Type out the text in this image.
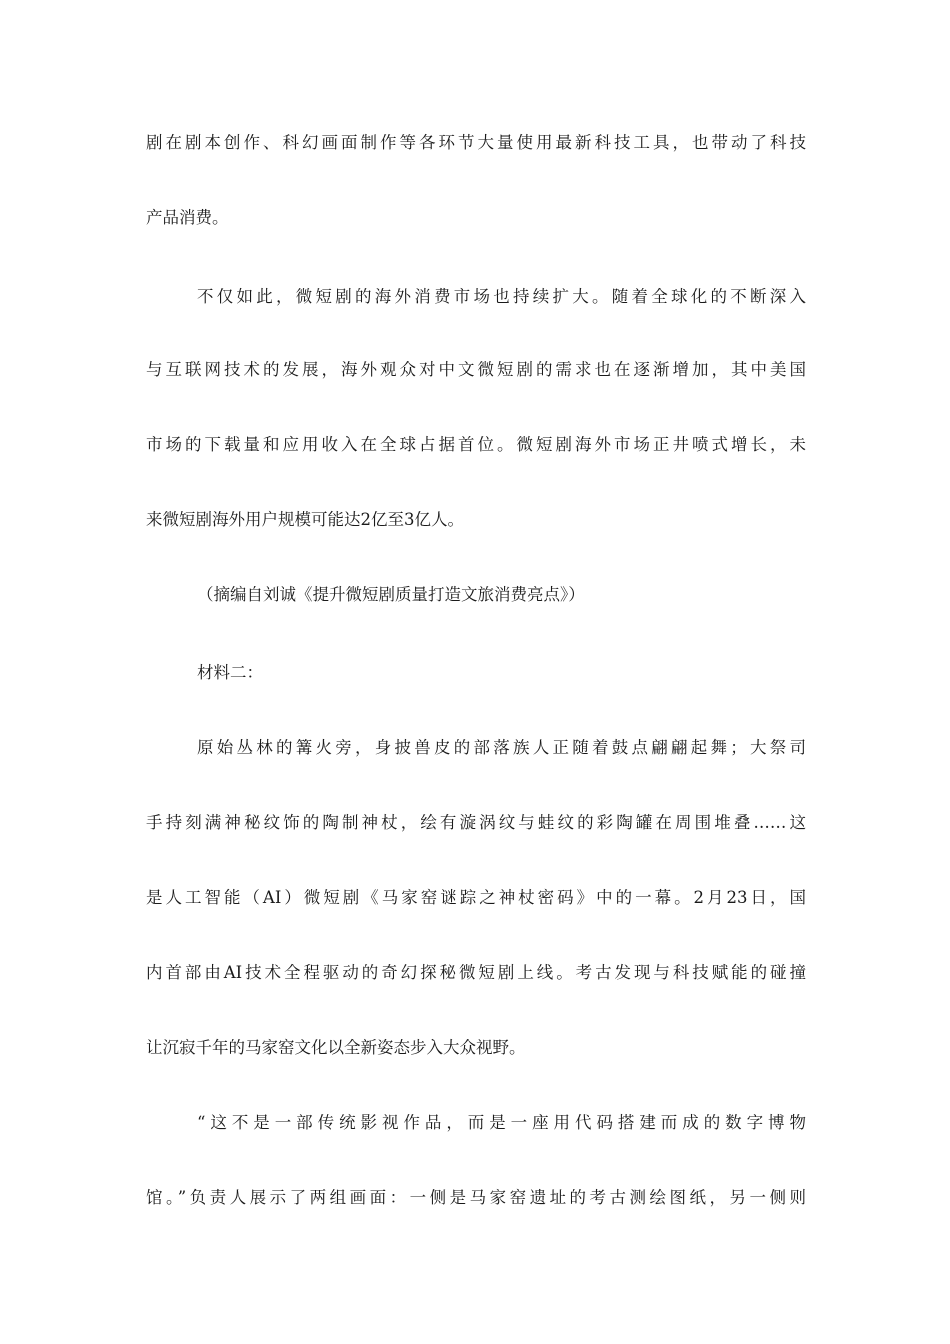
剧在剧本创作、科幻画面制作等各环节大量使用最新科技工具，也带动了科技
产品消费。
不仅如此，微短剧的海外消费市场也持续扩大。随着全球化的不断深入
与互联网技术的发展，海外观众对中文微短剧的需求也在逐渐增加，其中美国
市场的下载量和应用收入在全球占据首位。微短剧海外市场正井喷式增长，未
来微短剧海外用户规模可能达2亿至3亿人。
（摘编自刘诚《提升微短剧质量打造文旅消费亮点》）
材料二：
原始丛林的篝火旁，身披兽皮的部落族人正随着鼓点翩翩起舞；大祭司
手持刻满神秘纹饰的陶制神杖，绘有漩涡纹与蛙纹的彩陶罐在周围堆叠……这
是人工智能（AI）微短剧《马家窑谜踪之神杖密码》中的一幕。2月23日，国
内首部由AI技术全程驱动的奇幻探秘微短剧上线。考古发现与科技赋能的碰撞
让沉寂千年的马家窑文化以全新姿态步入大众视野。
“这不是一部传统影视作品，而是一座用代码搭建而成的数字博物
馆。”负责人展示了两组画面：一侧是马家窑遗址的考古测绘图纸，另一侧则
